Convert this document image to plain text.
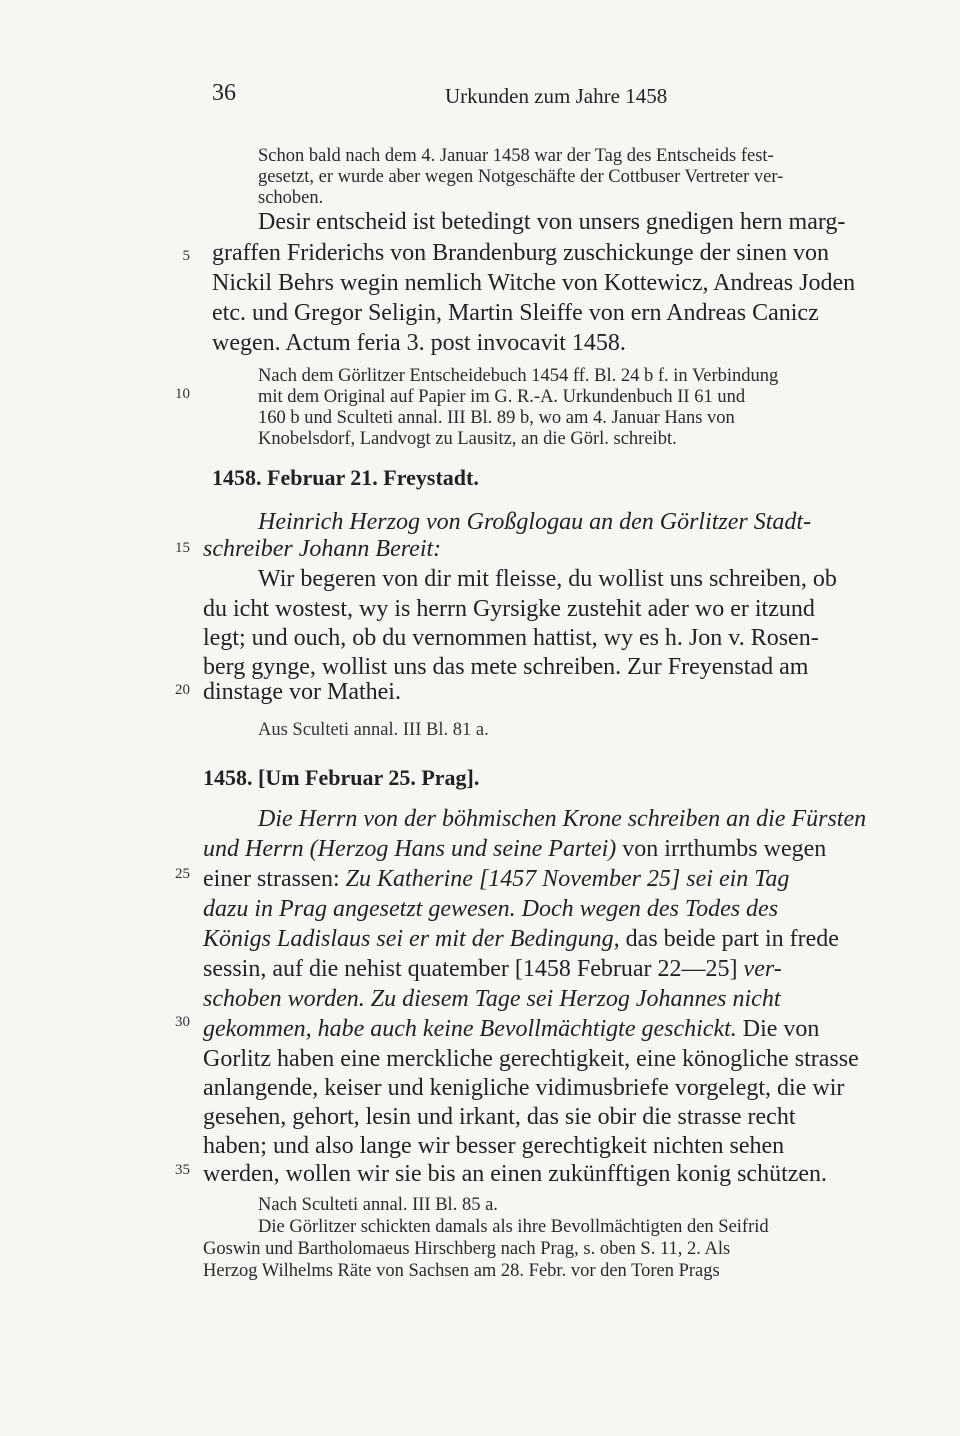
36	Urkunden zum Jahre 1458
Schon bald nach dem 4. Januar 1458 war der Tag des Entscheids fest-
gesetzt, er wurde aber wegen Notgeschäfte der Cottbuser Vertreter ver-
schoben.
Desir entscheid ist betedingt von unsers gnedigen hern marg-
graffen Friderichs von Brandenburg zuschickunge der sinen von
Nickil Behrs wegin nemlich Witche von Kottewicz, Andreas Joden
etc. und Gregor Seligin, Martin Sleiffe von ern Andreas Canicz
wegen. Actum feria 3. post invocavit 1458.
Nach dem Görlitzer Entscheidebuch 1454 ff. Bl. 24 b f. in Verbindung
mit dem Original auf Papier im G. R.-A. Urkundenbuch II 61 und
160 b und Sculteti annal. III Bl. 89 b, wo am 4. Januar Hans von
Knobelsdorf, Landvogt zu Lausitz, an die Görl. schreibt.
1458. Februar 21. Freystadt.
Heinrich Herzog von Großglogau an den Görlitzer Stadt-
schreiber Johann Bereit:
Wir begeren von dir mit fleisse, du wollist uns schreiben, ob
du icht wostest, wy is herrn Gyrsigke zustehit ader wo er itzund
legt; und ouch, ob du vernommen hattist, wy es h. Jon v. Rosen-
berg gynge, wollist uns das mete schreiben. Zur Freyenstad am
dinstage vor Mathei.
Aus Sculteti annal. III Bl. 81 a.
1458. [Um Februar 25. Prag].
Die Herrn von der böhmischen Krone schreiben an die Fürsten
und Herrn (Herzog Hans und seine Partei) von irrthumbs wegen
einer strassen: Zu Katherine [1457 November 25] sei ein Tag
dazu in Prag angesetzt gewesen. Doch wegen des Todes des
Königs Ladislaus sei er mit der Bedingung, das beide part in frede
sessin, auf die nehist quatember [1458 Februar 22—25] ver-
schoben worden. Zu diesem Tage sei Herzog Johannes nicht
gekommen, habe auch keine Bevollmächtigte geschickt. Die von
Gorlitz haben eine merckliche gerechtigkeit, eine könogliche strasse
anlangende, keiser und kenigliche vidimusbriefe vorgelegt, die wir
gesehen, gehort, lesin und irkant, das sie obir die strasse recht
haben; und also lange wir besser gerechtigkeit nichten sehen
werden, wollen wir sie bis an einen zukünfftigen konig schützen.
Nach Sculteti annal. III Bl. 85 a.
Die Görlitzer schickten damals als ihre Bevollmächtigten den Seifrid
Goswin und Bartholomaeus Hirschberg nach Prag, s. oben S. 11, 2. Als
Herzog Wilhelms Räte von Sachsen am 28. Febr. vor den Toren Prags
5
10
15
20
25
30
35
